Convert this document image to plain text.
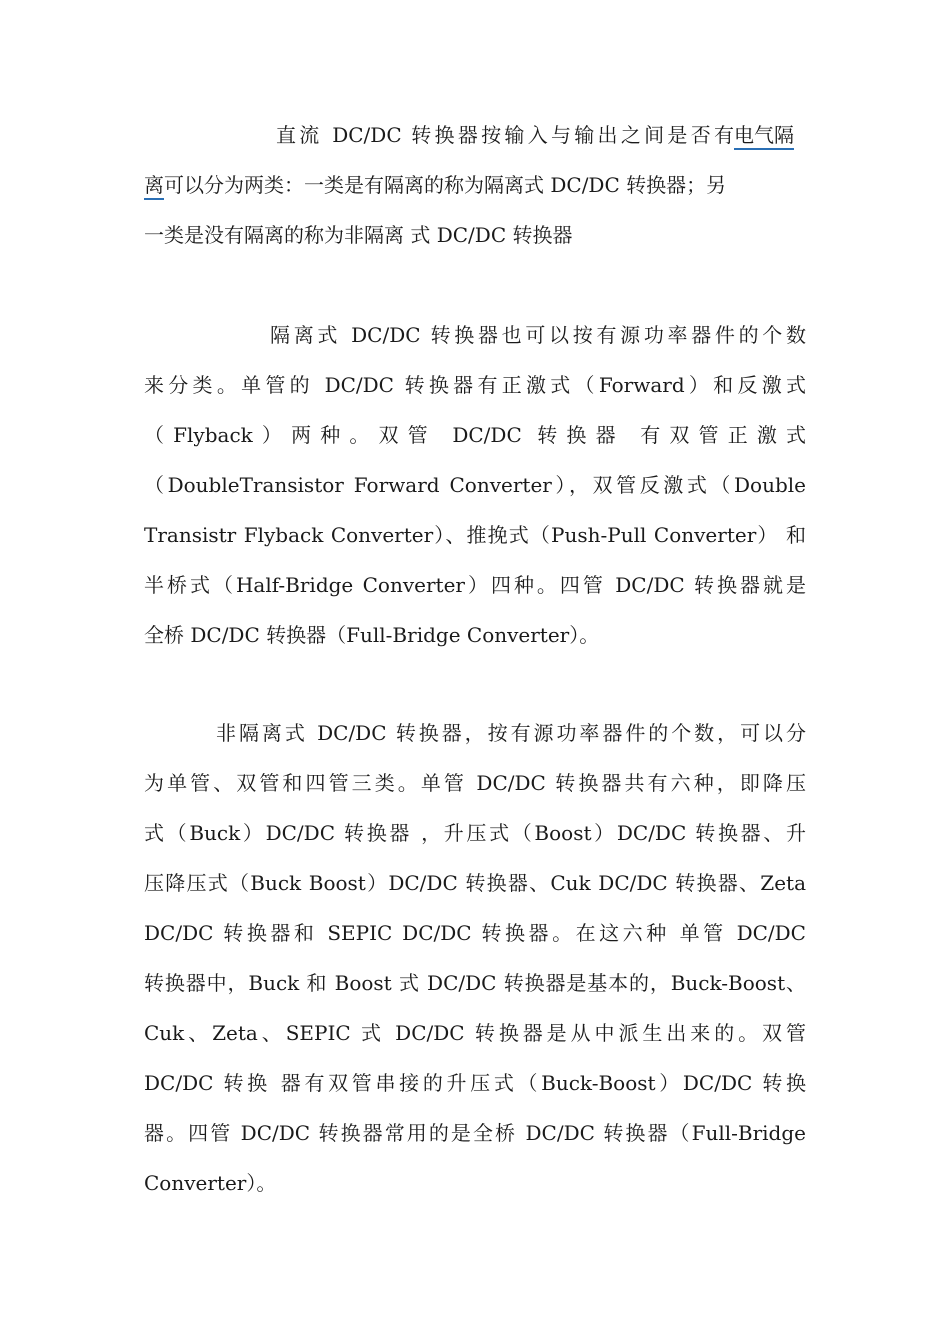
直流 DC/DC 转换器按输入与输出之间是否有电气隔
离可以分为两类：一类是有隔离的称为隔离式 DC/DC 转换器；另
一类是没有隔离的称为非隔离 式 DC/DC 转换器
隔离式 DC/DC 转换器也可以按有源功率器件的个数
来分类。单管的 DC/DC 转换器有正激式（Forward）和反激式
（Flyback）两种。双管 DC/DC 转换器 有双管正激式
（DoubleTransistor Forward Converter），双管反激式（Double
Transistr Flyback Converter）、推挽式（Push-Pull Converter） 和
半桥式（Half-Bridge Converter）四种。四管 DC/DC 转换器就是
全桥 DC/DC 转换器（Full-Bridge Converter）。
非隔离式 DC/DC 转换器，按有源功率器件的个数，可以分
为单管、双管和四管三类。单管 DC/DC 转换器共有六种，即降压
式（Buck）DC/DC 转换器 ，升压式（Boost）DC/DC 转换器、升
压降压式（Buck Boost）DC/DC 转换器、Cuk DC/DC 转换器、Zeta
DC/DC 转换器和 SEPIC DC/DC 转换器。在这六种 单管 DC/DC
转换器中，Buck 和 Boost 式 DC/DC 转换器是基本的，Buck-Boost、
Cuk、Zeta、SEPIC 式 DC/DC 转换器是从中派生出来的。双管
DC/DC 转换 器有双管串接的升压式（Buck-Boost）DC/DC 转换
器。四管 DC/DC 转换器常用的是全桥 DC/DC 转换器（Full-Bridge
Converter）。
